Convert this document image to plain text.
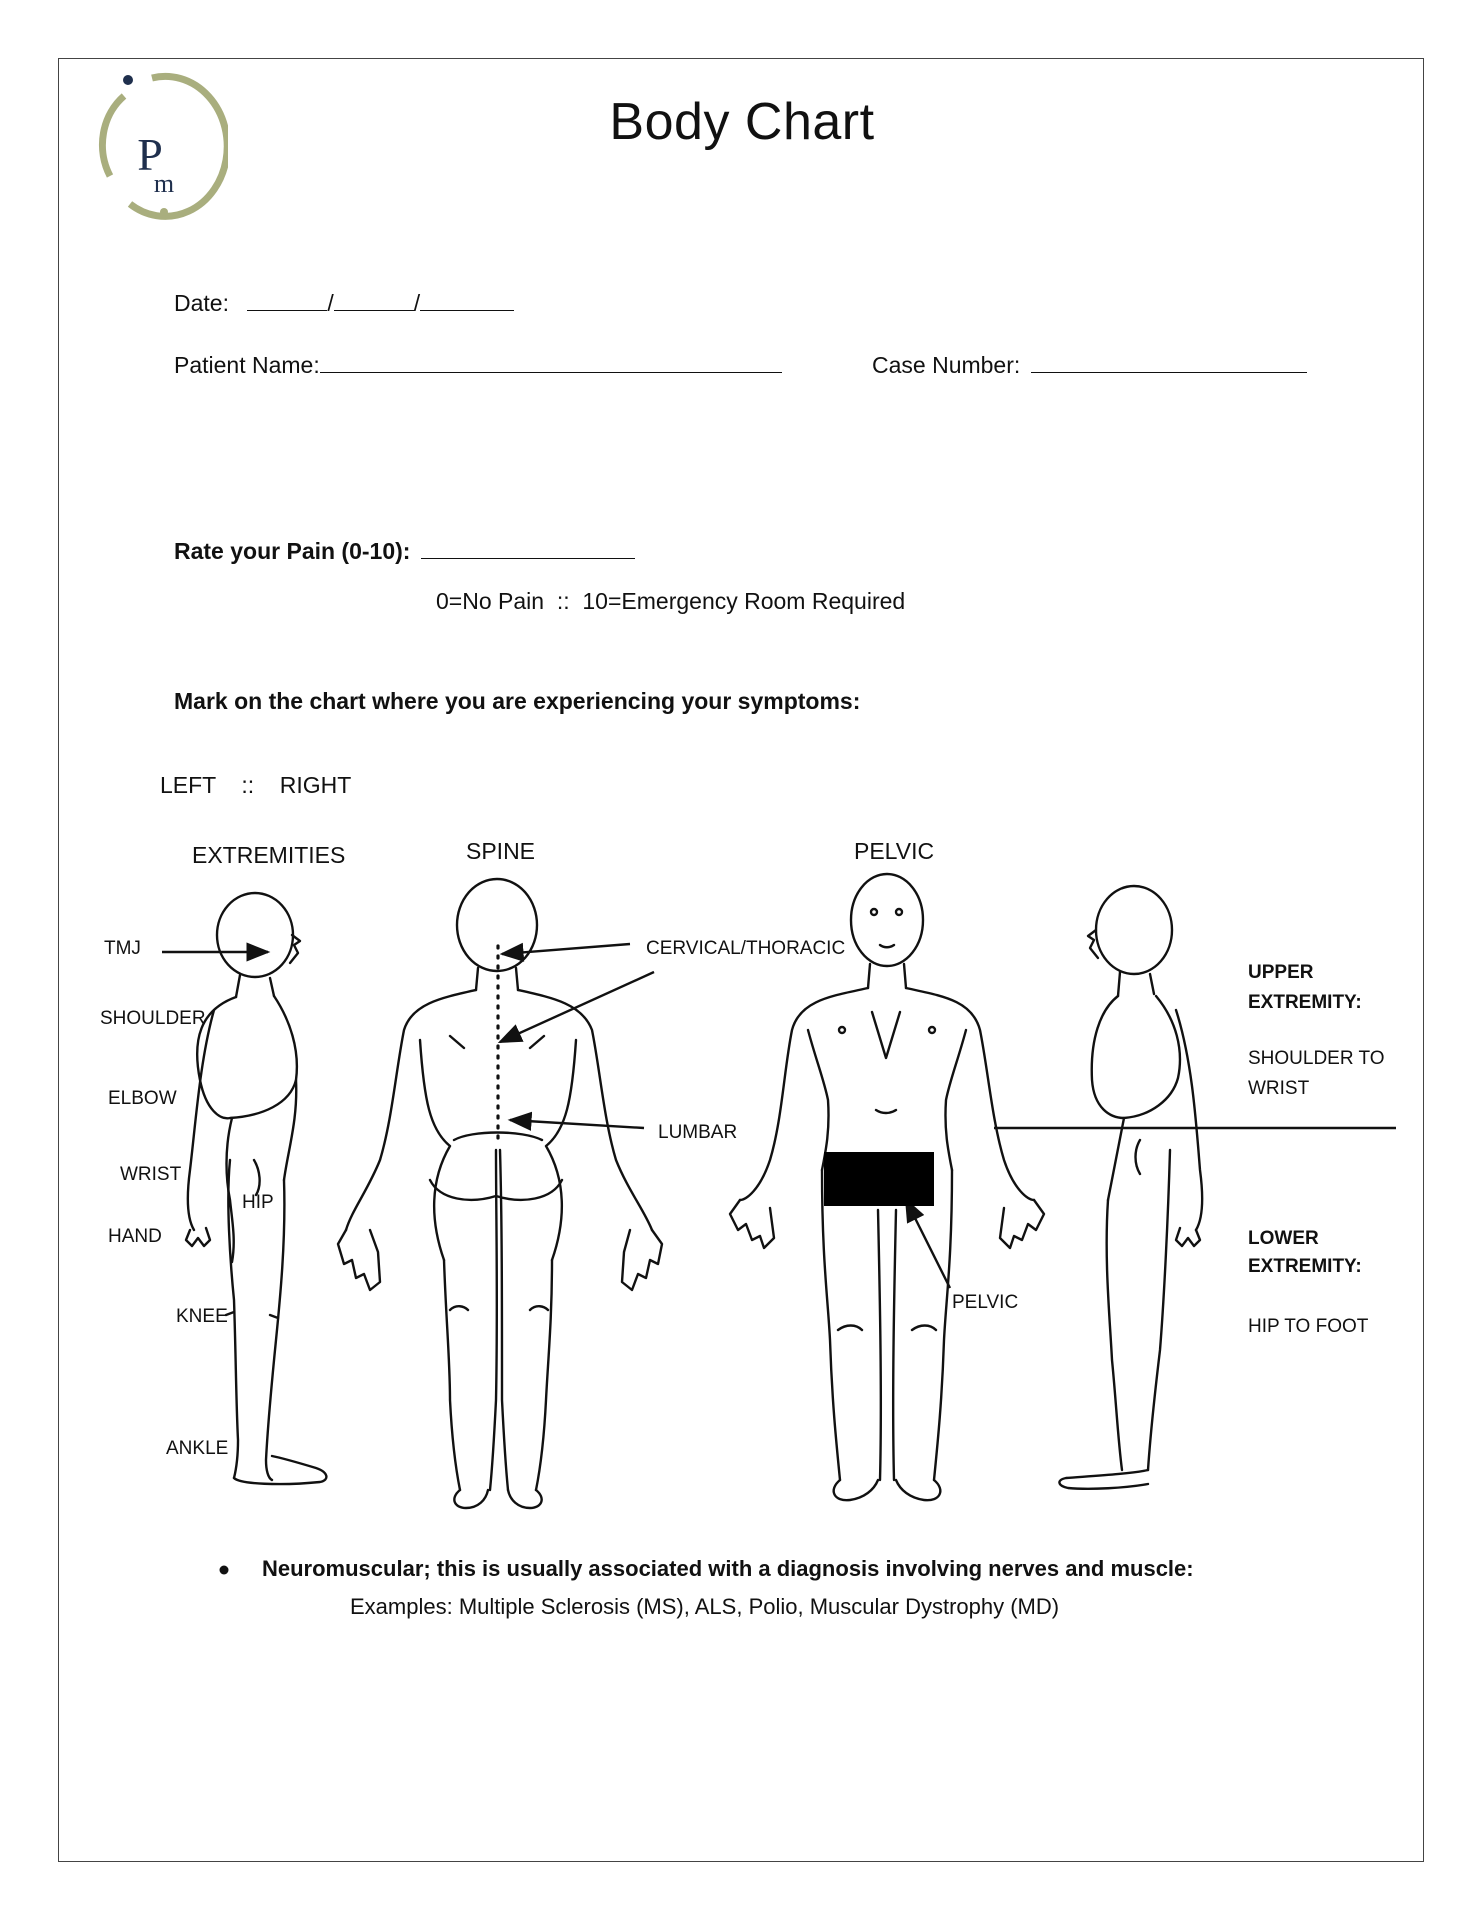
P
m
Body Chart
Date:	/	/
Patient Name:	Case Number:
Rate your Pain (0-10):
0=No Pain  ::  10=Emergency Room Required
Mark on the chart where you are experiencing your symptoms:
LEFT    ::    RIGHT
EXTREMITIES	SPINE	PELVIC
TMJ
SHOULDER
ELBOW
WRIST
HIP
HAND
KNEE
ANKLE
CERVICAL/THORACIC
LUMBAR
PELVIC
UPPER
EXTREMITY:
SHOULDER TO
WRIST
LOWER
EXTREMITY:
HIP TO FOOT
Neuromuscular; this is usually associated with a diagnosis involving nerves and muscle:
Examples: Multiple Sclerosis (MS), ALS, Polio, Muscular Dystrophy (MD)
